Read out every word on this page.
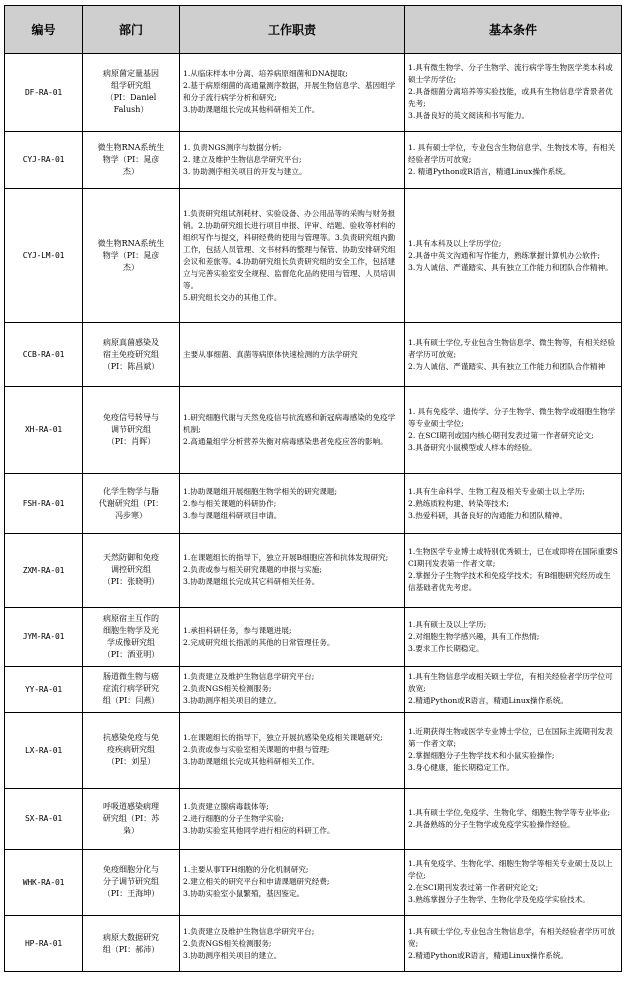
编号	部门	工作职责	基本条件
DF-RA-01	病原菌定量基因
组学研究组
（PI：Daniel
Falush）	1.从临床样本中分离、培养病原细菌和DNA提取;
2.基于病原细菌的高通量测序数据，开展生物信息学、基因组学和分子流行病学分析和研究;
3.协助课题组长完成其他科研相关工作。	1.具有微生物学、分子生物学、流行病学等生物医学类本科或硕士学历学位;
2.具备细菌分离培养等实验技能，或具有生物信息学背景者优先考;
3.具备良好的英文阅读和书写能力。

CYJ-RA-01	微生物RNA系统生
物学（PI：晁彦
杰）	1. 负责NGS测序与数据分析;
2. 建立及维护生物信息学研究平台;
3. 协助测序相关项目的开发与建立。	1. 具有硕士学位，专业包含生物信息学、生物技术等，有相关经验者学历可放宽;
2. 精通Python或R语言，精通Linux操作系统。

CYJ-LM-01	微生物RNA系统生
物学（PI：晁彦
杰）	1.负责研究组试剂耗材、实验设备、办公用品等的采购与财务报销。2.协助研究组长进行项目申报、评审、结题、验收等材料的组织写作与提交，科研经费的使用与管理等。3.负责研究组内勤工作，包括人员管理、文书材料的整理与保管、协助安排研究组会议和差旅等。4.协助研究组长负责研究组的安全工作，包括建立与完善实验室安全规程、监督危化品的使用与管理、人员培训等。
5.研究组长交办的其他工作。	1.具有本科及以上学历学位;
2.具备中英文沟通和写作能力，熟练掌握计算机办公软件;
3.为人诚信、严谨踏实、具有独立工作能力和团队合作精神。

CCB-RA-01	病原真菌感染及
宿主免疫研究组
（PI：陈昌斌）	主要从事细菌、真菌等病原体快速检测的方法学研究	1.具有硕士学位,专业包含生物信息学、微生物等，有相关经验者学历可放宽;
2.为人诚信、严谨踏实、具有独立工作能力和团队合作精神

XH-RA-01	免疫信号转导与
调节研究组
（PI：肖晖）	1.研究细胞代谢与天然免疫信号抗流感和新冠病毒感染的免疫学机制;
2.高通量组学分析营养失衡对病毒感染患者免疫应答的影响。	1. 具有免疫学、遗传学、分子生物学、微生物学或细胞生物学等专业硕士学位;
2. 在SCI期刊或国内核心期刊发表过第一作者研究论文;
3.具备研究小鼠模型或人样本的经验。

FSH-RA-01	化学生物学与脂
代谢研究组（PI：
冯步寒）	1.协助课题组开展细胞生物学相关的研究课题;
2.参与相关课题的科研协作;
3.参与课题组科研项目申请。	1.具有生命科学、生物工程及相关专业硕士以上学历;
2.熟练质粒构建、转染等技术;
3.热爱科研，具备良好的沟通能力和团队精神。

ZXM-RA-01	天然防御和免疫
调控研究组
（PI：张晓明）	1.在课题组长的指导下，独立开展B细胞应答和抗体发现研究;
2.负责或参与相关研究课题的申报与实施;
3.协助课题组长完成其它科研相关任务。	1.生物医学专业博士或特别优秀硕士，已在或即将在国际重要SCI期刊发表第一作者文章;
2.掌握分子生物学技术和免疫学技术；有B细胞研究经历或生信基础者优先考虑。

JYM-RA-01	病原宿主互作的
细胞生物学及光
学成像研究组
（PI：酒亚明）	1.承担科研任务，参与课题进展;
2.完成研究组长指派的其他的日常管理任务。	1.具有硕士及以上学历;
2.对细胞生物学感兴趣，具有工作热情;
3.要求工作长期稳定。

YY-RA-01	肠道微生物与癌
症流行病学研究
组（PI：闫燕）	1.负责建立及维护生物信息学研究平台;
2.负责NGS相关检测服务;
3.协助测序相关项目的建立。	1.具有生物信息学或相关硕士学位，有相关经验者学历学位可放宽;
2.精通Python或R语言，精通Linux操作系统。

LX-RA-01	抗感染免疫与免
疫疾病研究组
（PI：刘星）	1.在课题组长的指导下，独立开展抗感染免疫相关课题研究;
2.负责或参与实验室相关课题的申报与管理;
3.协助课题组长完成其他科研相关工作。	1.近期获得生物或医学专业博士学位，已在国际主流期刊发表第一作者文章;
2.掌握细胞分子生物学技术和小鼠实验操作;
3.身心健康，能长期稳定工作。

SX-RA-01	呼吸道感染病理
研究组（PI：苏
枭）	1.负责建立腺病毒载体等;
2.进行细胞的分子生物学实验;
3.协助实验室其他同学进行相应的科研工作。	1.具有硕士学位,免疫学、生物化学、细胞生物学等专业毕业;
2.具备熟练的分子生物学或免疫学实验操作经验。

WHK-RA-01	免疫细胞分化与
分子调节研究组
（PI：王海坤）	1.主要从事TFH细胞的分化机制研究;
2.建立相关的研究平台和申请课题研究经费;
3.协助实验室小鼠繁殖，基因鉴定。	1.具有免疫学、生物化学、细胞生物学等相关专业硕士及以上学位;
2.在SCI期刊发表过第一作者研究论文;
3.熟练掌握分子生物学、生物化学及免疫学实验技术。

HP-RA-01	病原大数据研究
组（PI：郝沛）	1.负责建立及维护生物信息学研究平台;
2.负责NGS相关检测服务;
3.协助测序相关项目的建立。	1.具有硕士学位,专业包含生物信息学，有相关经验者学历可放宽;
2.精通Python或R语言，精通Linux操作系统。
